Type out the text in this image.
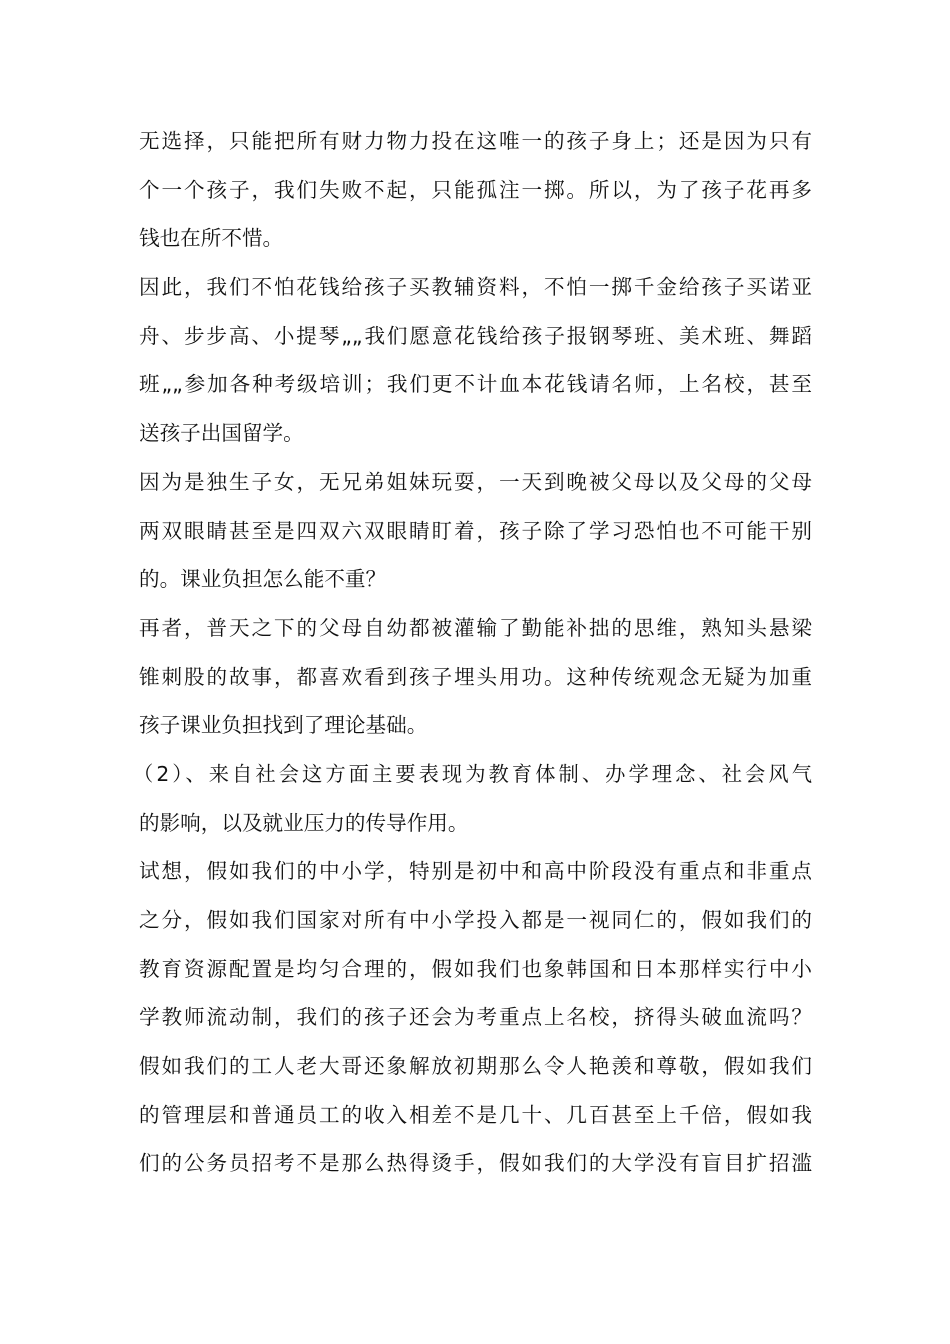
无选择，只能把所有财力物力投在这唯一的孩子身上；还是因为只有
个一个孩子，我们失败不起，只能孤注一掷。所以，为了孩子花再多
钱也在所不惜。
因此，我们不怕花钱给孩子买教辅资料，不怕一掷千金给孩子买诺亚
舟、步步高、小提琴„„我们愿意花钱给孩子报钢琴班、美术班、舞蹈
班„„参加各种考级培训；我们更不计血本花钱请名师，上名校，甚至
送孩子出国留学。
因为是独生子女，无兄弟姐妹玩耍，一天到晚被父母以及父母的父母
两双眼睛甚至是四双六双眼睛盯着，孩子除了学习恐怕也不可能干别
的。课业负担怎么能不重？
再者，普天之下的父母自幼都被灌输了勤能补拙的思维，熟知头悬梁
锥刺股的故事，都喜欢看到孩子埋头用功。这种传统观念无疑为加重
孩子课业负担找到了理论基础。
（2）、来自社会这方面主要表现为教育体制、办学理念、社会风气
的影响，以及就业压力的传导作用。
试想，假如我们的中小学，特别是初中和高中阶段没有重点和非重点
之分，假如我们国家对所有中小学投入都是一视同仁的，假如我们的
教育资源配置是均匀合理的，假如我们也象韩国和日本那样实行中小
学教师流动制，我们的孩子还会为考重点上名校，挤得头破血流吗？
假如我们的工人老大哥还象解放初期那么令人艳羡和尊敬，假如我们
的管理层和普通员工的收入相差不是几十、几百甚至上千倍，假如我
们的公务员招考不是那么热得烫手，假如我们的大学没有盲目扩招滥
